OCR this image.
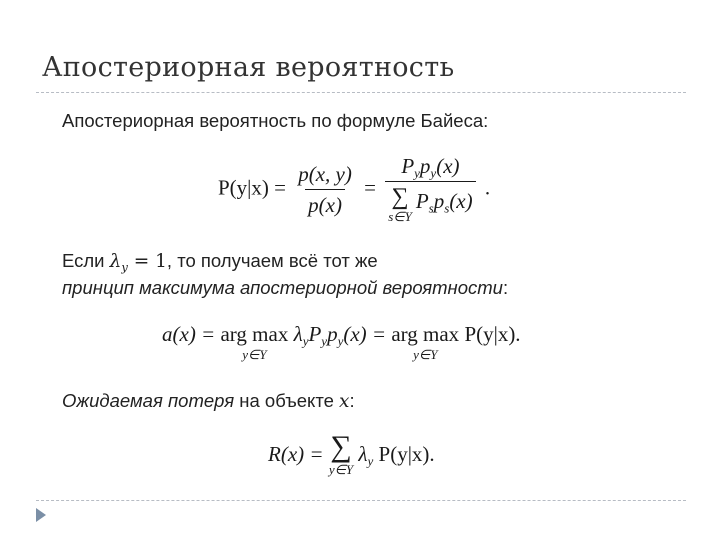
Апостериорная вероятность
Апостериорная вероятность по формуле Байеса:
$P(y|x) = \frac{p(x, y)}{p(x)} = P_yp_y(x)$
∑
s∈Y
$P_sp_s(x)$ .
Если $\lambda_y = 1$, то получаем всё тот же
принцип максимума апостериорной вероятности:
a(x) = arg max
y∈Y
$\lambda_yP_yp_y(x)$ = arg max
y∈Y
P(y|x).
Ожидаемая потеря на объекте x:
R(x) = ∑
y∈Y
$\lambda_y$ P(y|x).
